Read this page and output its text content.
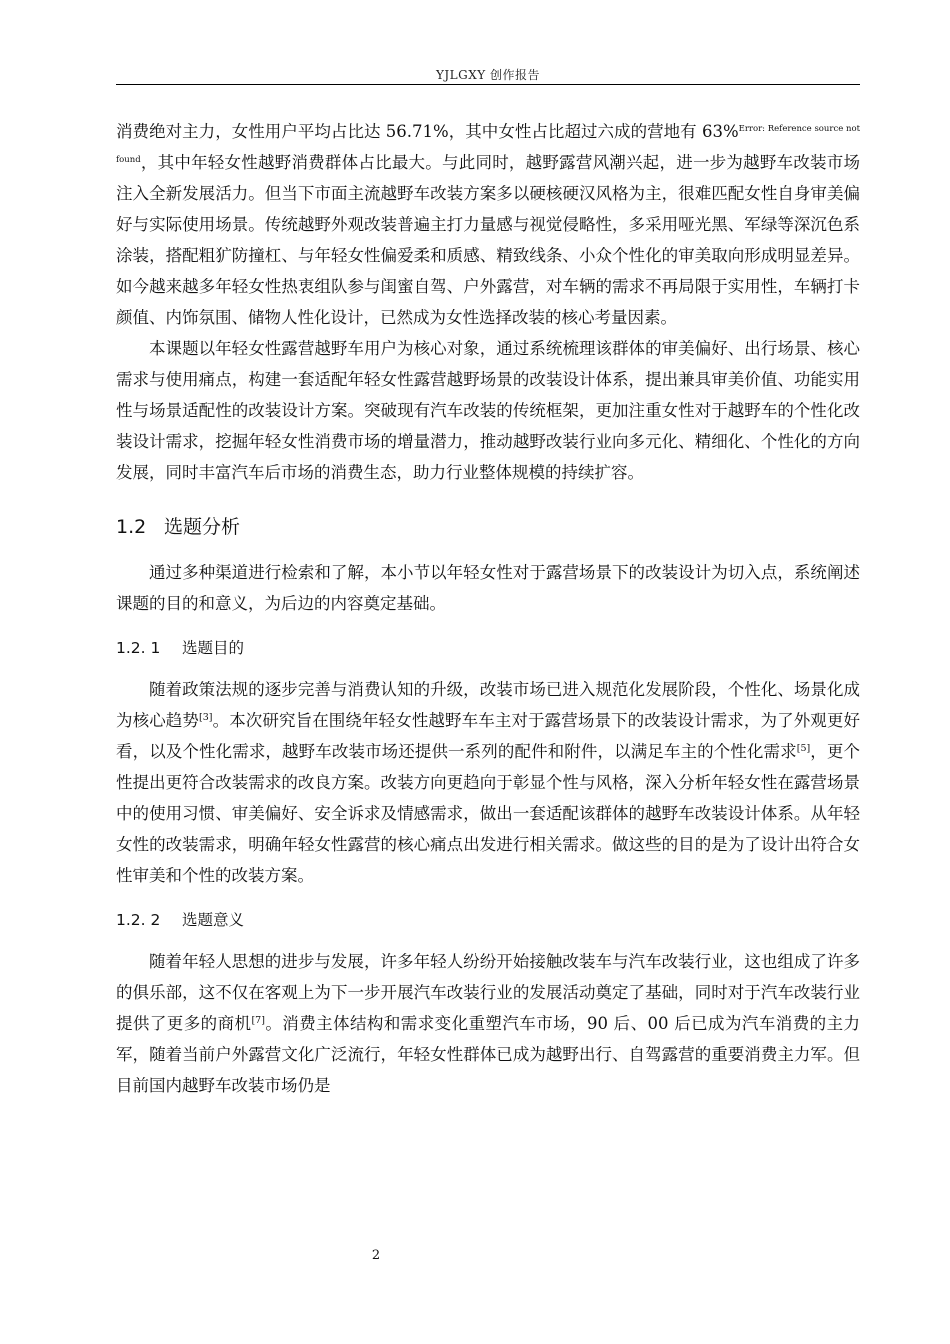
YJLGXY 创作报告

消费绝对主力，女性用户平均占比达 56.71%，其中女性占比超过六成的营地有 63%$^{Error: Reference source not found}$，其中年轻女性越野消费群体占比最大。与此同时，越野露营风潮兴起，进一步为越野车改装市场注入全新发展活力。但当下市面主流越野车改装方案多以硬核硬汉风格为主，很难匹配女性自身审美偏好与实际使用场景。传统越野外观改装普遍主打力量感与视觉侵略性，多采用哑光黑、军绿等深沉色系涂装，搭配粗犷防撞杠、与年轻女性偏爱柔和质感、精致线条、小众个性化的审美取向形成明显差异。如今越来越多年轻女性热衷组队参与闺蜜自驾、户外露营，对车辆的需求不再局限于实用性，车辆打卡颜值、内饰氛围、储物人性化设计，已然成为女性选择改装的核心考量因素。

本课题以年轻女性露营越野车用户为核心对象，通过系统梳理该群体的审美偏好、出行场景、核心需求与使用痛点，构建一套适配年轻女性露营越野场景的改装设计体系，提出兼具审美价值、功能实用性与场景适配性的改装设计方案。突破现有汽车改装的传统框架，更加注重女性对于越野车的个性化改装设计需求，挖掘年轻女性消费市场的增量潜力，推动越野改装行业向多元化、精细化、个性化的方向发展，同时丰富汽车后市场的消费生态，助力行业整体规模的持续扩容。

1.2 选题分析

通过多种渠道进行检索和了解，本小节以年轻女性对于露营场景下的改装设计为切入点，系统阐述课题的目的和意义，为后边的内容奠定基础。

1.2. 1 选题目的

随着政策法规的逐步完善与消费认知的升级，改装市场已进入规范化发展阶段，个性化、场景化成为核心趋势[3]。本次研究旨在围绕年轻女性越野车车主对于露营场景下的改装设计需求，为了外观更好看，以及个性化需求，越野车改装市场还提供一系列的配件和附件，以满足车主的个性化需求[5]，更个性提出更符合改装需求的改良方案。改装方向更趋向于彰显个性与风格，深入分析年轻女性在露营场景中的使用习惯、审美偏好、安全诉求及情感需求，做出一套适配该群体的越野车改装设计体系。从年轻女性的改装需求，明确年轻女性露营的核心痛点出发进行相关需求。做这些的目的是为了设计出符合女性审美和个性的改装方案。

1.2. 2 选题意义

随着年轻人思想的进步与发展，许多年轻人纷纷开始接触改装车与汽车改装行业，这也组成了许多的俱乐部，这不仅在客观上为下一步开展汽车改装行业的发展活动奠定了基础，同时对于汽车改装行业提供了更多的商机[7]。消费主体结构和需求变化重塑汽车市场，90 后、00 后已成为汽车消费的主力军，随着当前户外露营文化广泛流行，年轻女性群体已成为越野出行、自驾露营的重要消费主力军。但目前国内越野车改装市场仍是

2
